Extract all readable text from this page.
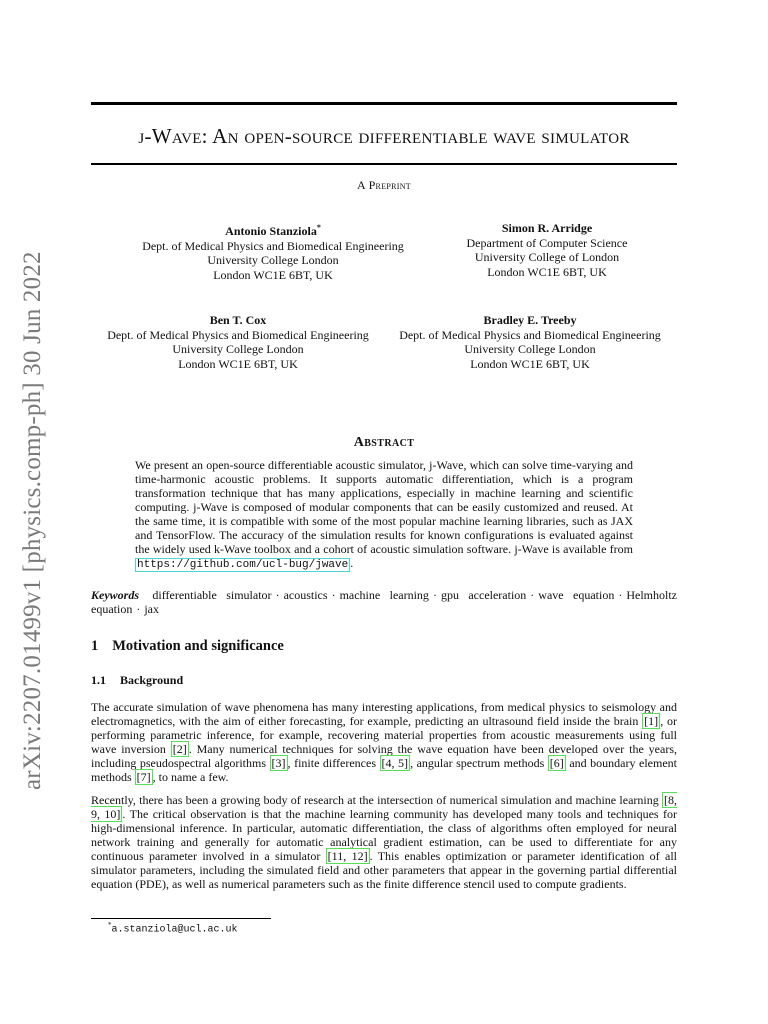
arXiv:2207.01499v1 [physics.comp-ph] 30 Jun 2022
j-Wave: An open-source differentiable wave simulator
A Preprint
Antonio Stanziola*
Dept. of Medical Physics and Biomedical Engineering
University College London
London WC1E 6BT, UK
Simon R. Arridge
Department of Computer Science
University College of London
London WC1E 6BT, UK
Ben T. Cox
Dept. of Medical Physics and Biomedical Engineering
University College London
London WC1E 6BT, UK
Bradley E. Treeby
Dept. of Medical Physics and Biomedical Engineering
University College London
London WC1E 6BT, UK
Abstract
We present an open-source differentiable acoustic simulator, j-Wave, which can solve time-varying and time-harmonic acoustic problems. It supports automatic differentiation, which is a program transformation technique that has many applications, especially in machine learning and scientific computing. j-Wave is composed of modular components that can be easily customized and reused. At the same time, it is compatible with some of the most popular machine learning libraries, such as JAX and TensorFlow. The accuracy of the simulation results for known configurations is evaluated against the widely used k-Wave toolbox and a cohort of acoustic simulation software. j-Wave is available from https://github.com/ucl-bug/jwave .
Keywords differentiable simulator · acoustics · machine learning · gpu acceleration · wave equation · Helmholtz equation · jax
1 Motivation and significance
1.1 Background
The accurate simulation of wave phenomena has many interesting applications, from medical physics to seismology and electromagnetics, with the aim of either forecasting, for example, predicting an ultrasound field inside the brain [1] , or performing parametric inference, for example, recovering material properties from acoustic measurements using full wave inversion [2] . Many numerical techniques for solving the wave equation have been developed over the years, including pseudospectral algorithms [3] , finite differences [4, 5] , angular spectrum methods [6] and boundary element methods [7] , to name a few.
Recently, there has been a growing body of research at the intersection of numerical simulation and machine learning [8, 9, 10] . The critical observation is that the machine learning community has developed many tools and techniques for high-dimensional inference. In particular, automatic differentiation, the class of algorithms often employed for neural network training and generally for automatic analytical gradient estimation, can be used to differentiate for any continuous parameter involved in a simulator [11, 12] . This enables optimization or parameter identification of all simulator parameters, including the simulated field and other parameters that appear in the governing partial differential equation (PDE), as well as numerical parameters such as the finite difference stencil used to compute gradients.
*a.stanziola@ucl.ac.uk
